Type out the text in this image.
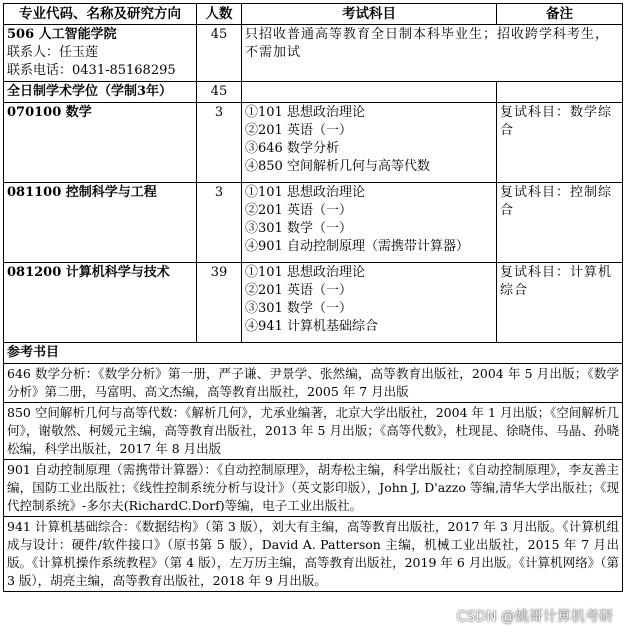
专业代码、名称及研究方向	人数	考试科目	备注

506 人工智能学院
联系人：任玉莲
联系电话：0431-85168295	45	只招收普通高等教育全日制本科毕业生；招收跨学科考生，不需加试	
全日制学术学位（学制3年）	45		
070100 数学	3	①101 思想政治理论
②201 英语（一）
③646 数学分析
④850 空间解析几何与高等代数	复试科目：数学综合
081100 控制科学与工程	3	①101 思想政治理论
②201 英语（一）
③301 数学（一）
④901 自动控制原理（需携带计算器）	复试科目：控制综合
081200 计算机科学与技术	39	①101 思想政治理论
②201 英语（一）
③301 数学（一）
④941 计算机基础综合	复试科目：计算机综合
参考书目			
646 数学分析：《数学分析》第一册，严子谦、尹景学、张然编，高等教育出版社，2004 年 5 月出版；《数学分析》第二册，马富明、高文杰编，高等教育出版社，2005 年 7 月出版			
850 空间解析几何与高等代数：《解析几何》，尤承业编著，北京大学出版社，2004 年 1 月出版；《空间解析几何》，谢敬然、柯媛元主编，高等教育出版社，2013 年 5 月出版；《高等代数》，杜现昆、徐晓伟、马晶、孙晓松编，科学出版社，2017 年 8 月出版			
901 自动控制原理（需携带计算器）：《自动控制原理》，胡寿松主编，科学出版社；《自动控制原理》，李友善主编，国防工业出版社；《线性控制系统分析与设计》（英文影印版），John J, D'azzo 等编,清华大学出版社；《现代控制系统》-多尔夫(RichardC.Dorf)等编，电子工业出版社。			
941 计算机基础综合：《数据结构》（第 3 版），刘大有主编，高等教育出版社，2017 年 3 月出版。《计算机组成与设计：硬件/软件接口》（原书第 5 版），David A. Patterson 主编，机械工业出版社，2015 年 7 月出版。《计算机操作系统教程》（第 4 版），左万历主编，高等教育出版社，2019 年 6 月出版。《计算机网络》（第 3 版），胡亮主编，高等教育出版社，2018 年 9 月出版。			
CSDN @姚哥计算机考研
